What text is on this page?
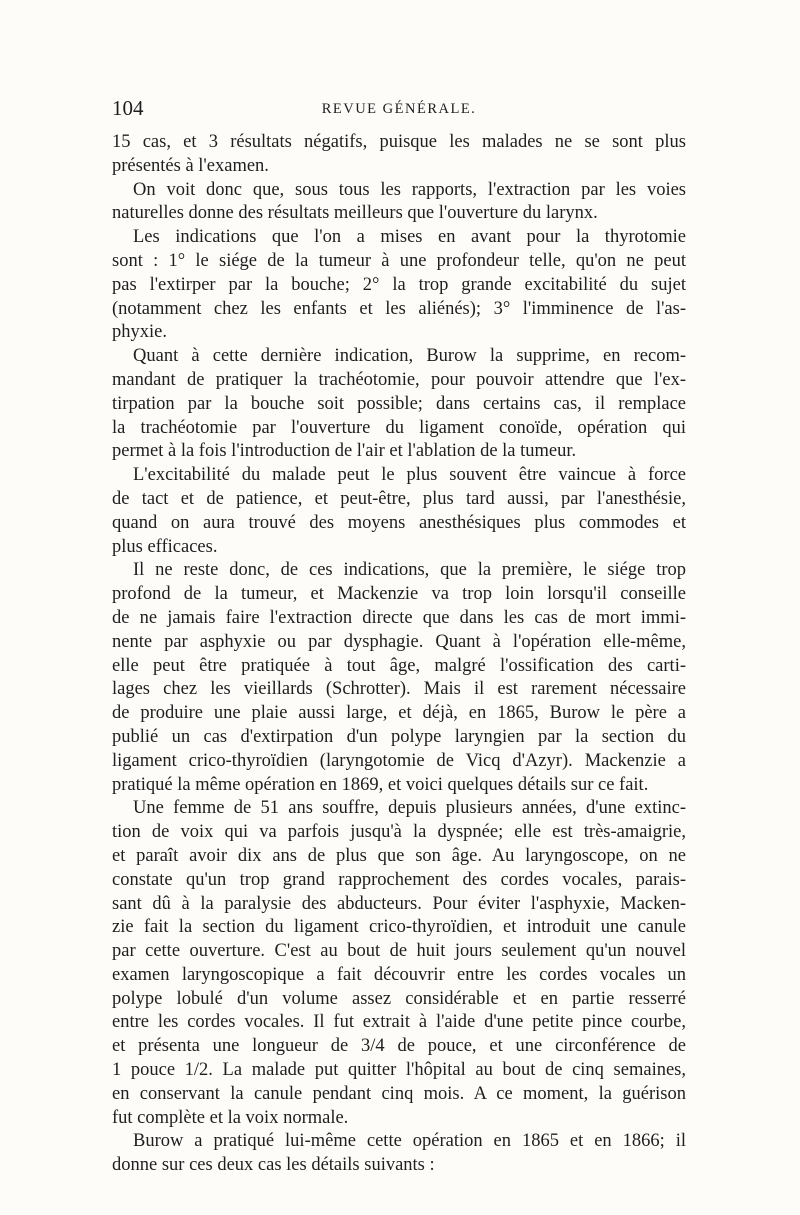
104	REVUE GÉNÉRALE.
15 cas, et 3 résultats négatifs, puisque les malades ne se sont plus
présentés à l'examen.
On voit donc que, sous tous les rapports, l'extraction par les voies
naturelles donne des résultats meilleurs que l'ouverture du larynx.
Les indications que l'on a mises en avant pour la thyrotomie
sont : 1° le siége de la tumeur à une profondeur telle, qu'on ne peut
pas l'extirper par la bouche; 2° la trop grande excitabilité du sujet
(notamment chez les enfants et les aliénés); 3° l'imminence de l'as-
phyxie.
Quant à cette dernière indication, Burow la supprime, en recom-
mandant de pratiquer la trachéotomie, pour pouvoir attendre que l'ex-
tirpation par la bouche soit possible; dans certains cas, il remplace
la trachéotomie par l'ouverture du ligament conoïde, opération qui
permet à la fois l'introduction de l'air et l'ablation de la tumeur.
L'excitabilité du malade peut le plus souvent être vaincue à force
de tact et de patience, et peut-être, plus tard aussi, par l'anesthésie,
quand on aura trouvé des moyens anesthésiques plus commodes et
plus efficaces.
Il ne reste donc, de ces indications, que la première, le siége trop
profond de la tumeur, et Mackenzie va trop loin lorsqu'il conseille
de ne jamais faire l'extraction directe que dans les cas de mort immi-
nente par asphyxie ou par dysphagie. Quant à l'opération elle-même,
elle peut être pratiquée à tout âge, malgré l'ossification des carti-
lages chez les vieillards (Schrotter). Mais il est rarement nécessaire
de produire une plaie aussi large, et déjà, en 1865, Burow le père a
publié un cas d'extirpation d'un polype laryngien par la section du
ligament crico-thyroïdien (laryngotomie de Vicq d'Azyr). Mackenzie a
pratiqué la même opération en 1869, et voici quelques détails sur ce fait.
Une femme de 51 ans souffre, depuis plusieurs années, d'une extinc-
tion de voix qui va parfois jusqu'à la dyspnée; elle est très-amaigrie,
et paraît avoir dix ans de plus que son âge. Au laryngoscope, on ne
constate qu'un trop grand rapprochement des cordes vocales, parais-
sant dû à la paralysie des abducteurs. Pour éviter l'asphyxie, Macken-
zie fait la section du ligament crico-thyroïdien, et introduit une canule
par cette ouverture. C'est au bout de huit jours seulement qu'un nouvel
examen laryngoscopique a fait découvrir entre les cordes vocales un
polype lobulé d'un volume assez considérable et en partie resserré
entre les cordes vocales. Il fut extrait à l'aide d'une petite pince courbe,
et présenta une longueur de 3/4 de pouce, et une circonférence de
1 pouce 1/2. La malade put quitter l'hôpital au bout de cinq semaines,
en conservant la canule pendant cinq mois. A ce moment, la guérison
fut complète et la voix normale.
Burow a pratiqué lui-même cette opération en 1865 et en 1866; il
donne sur ces deux cas les détails suivants :
